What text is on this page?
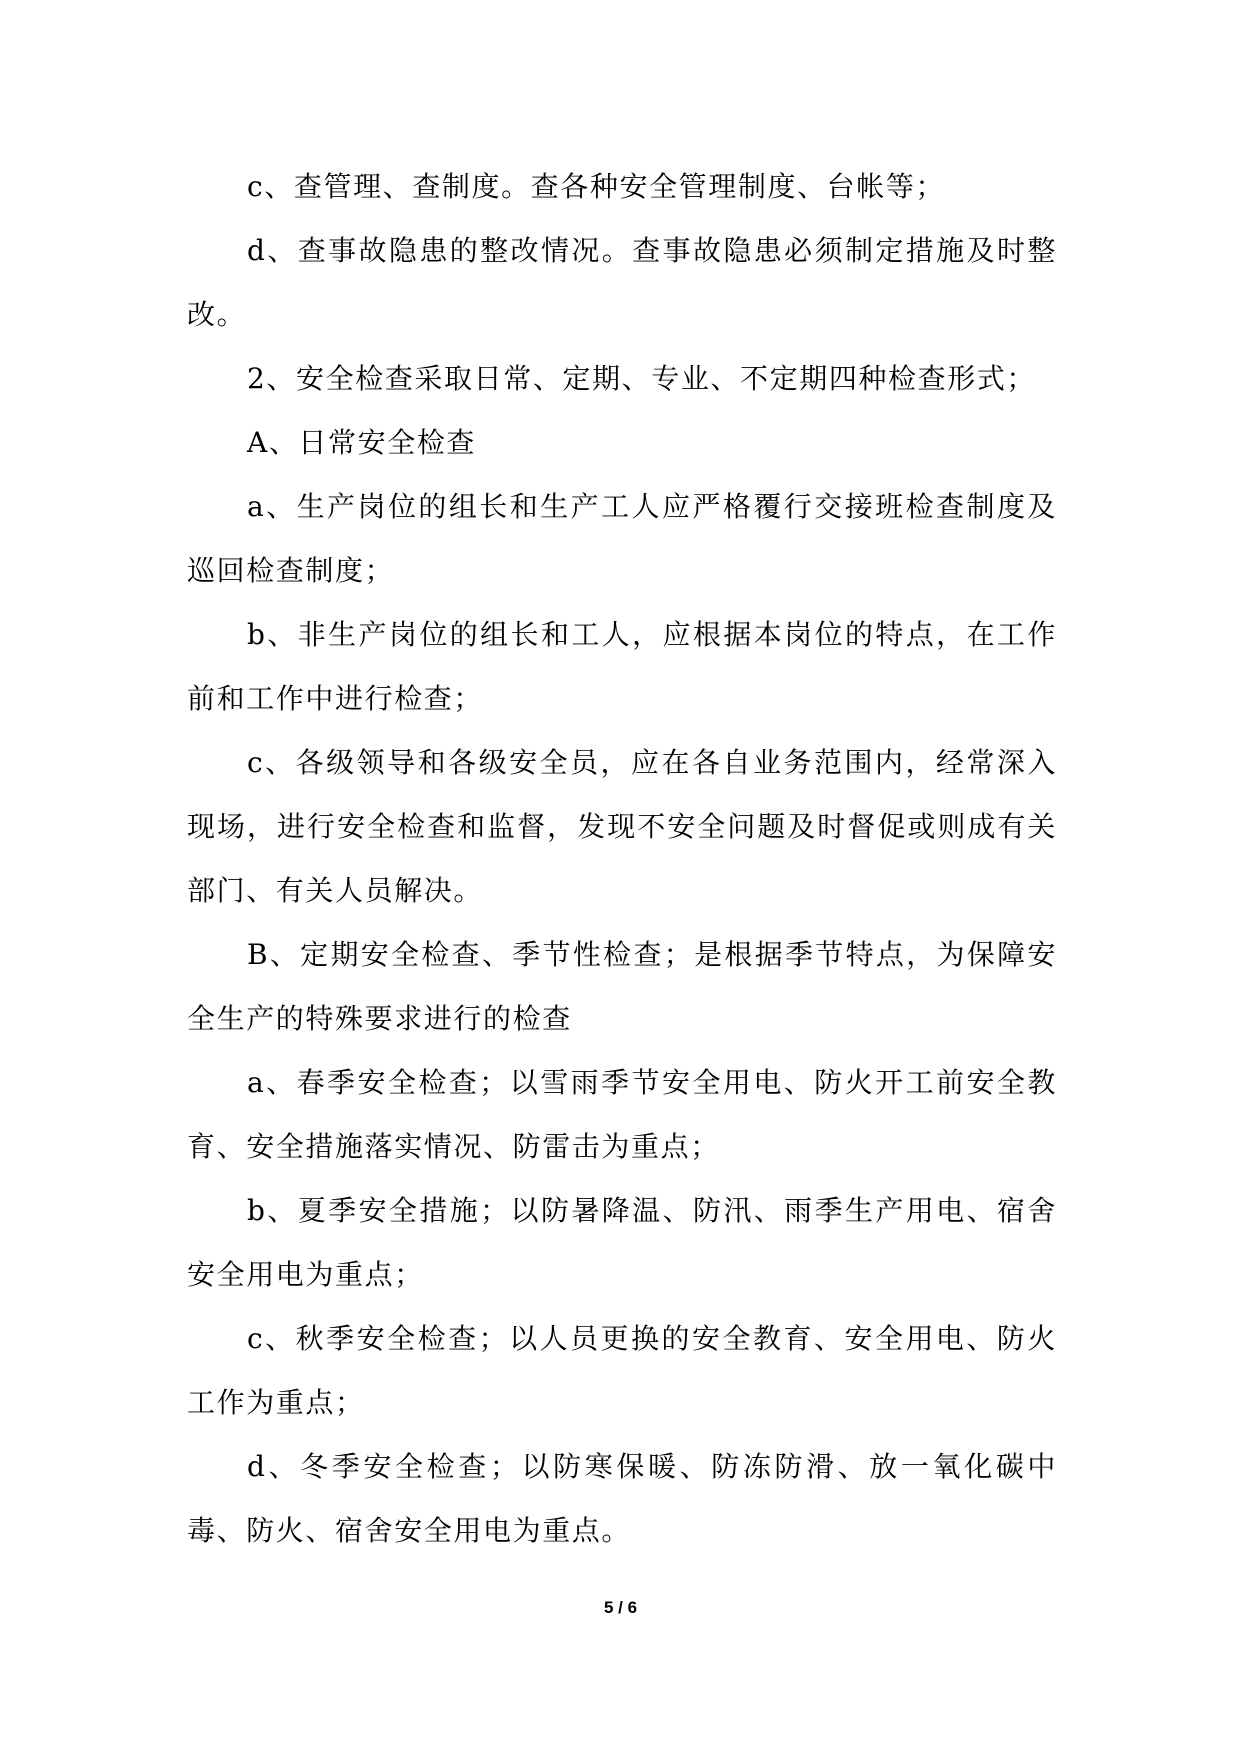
c、查管理、查制度。查各种安全管理制度、台帐等；

d、查事故隐患的整改情况。查事故隐患必须制定措施及时整改。

2、安全检查采取日常、定期、专业、不定期四种检查形式；

A、日常安全检查

a、生产岗位的组长和生产工人应严格覆行交接班检查制度及巡回检查制度；

b、非生产岗位的组长和工人，应根据本岗位的特点，在工作前和工作中进行检查；

c、各级领导和各级安全员，应在各自业务范围内，经常深入现场，进行安全检查和监督，发现不安全问题及时督促或则成有关部门、有关人员解决。

B、定期安全检查、季节性检查；是根据季节特点，为保障安全生产的特殊要求进行的检查

a、春季安全检查；以雪雨季节安全用电、防火开工前安全教育、安全措施落实情况、防雷击为重点；

b、夏季安全措施；以防暑降温、防汛、雨季生产用电、宿舍安全用电为重点；

c、秋季安全检查；以人员更换的安全教育、安全用电、防火工作为重点；

d、冬季安全检查；以防寒保暖、防冻防滑、放一氧化碳中毒、防火、宿舍安全用电为重点。

5 / 6
